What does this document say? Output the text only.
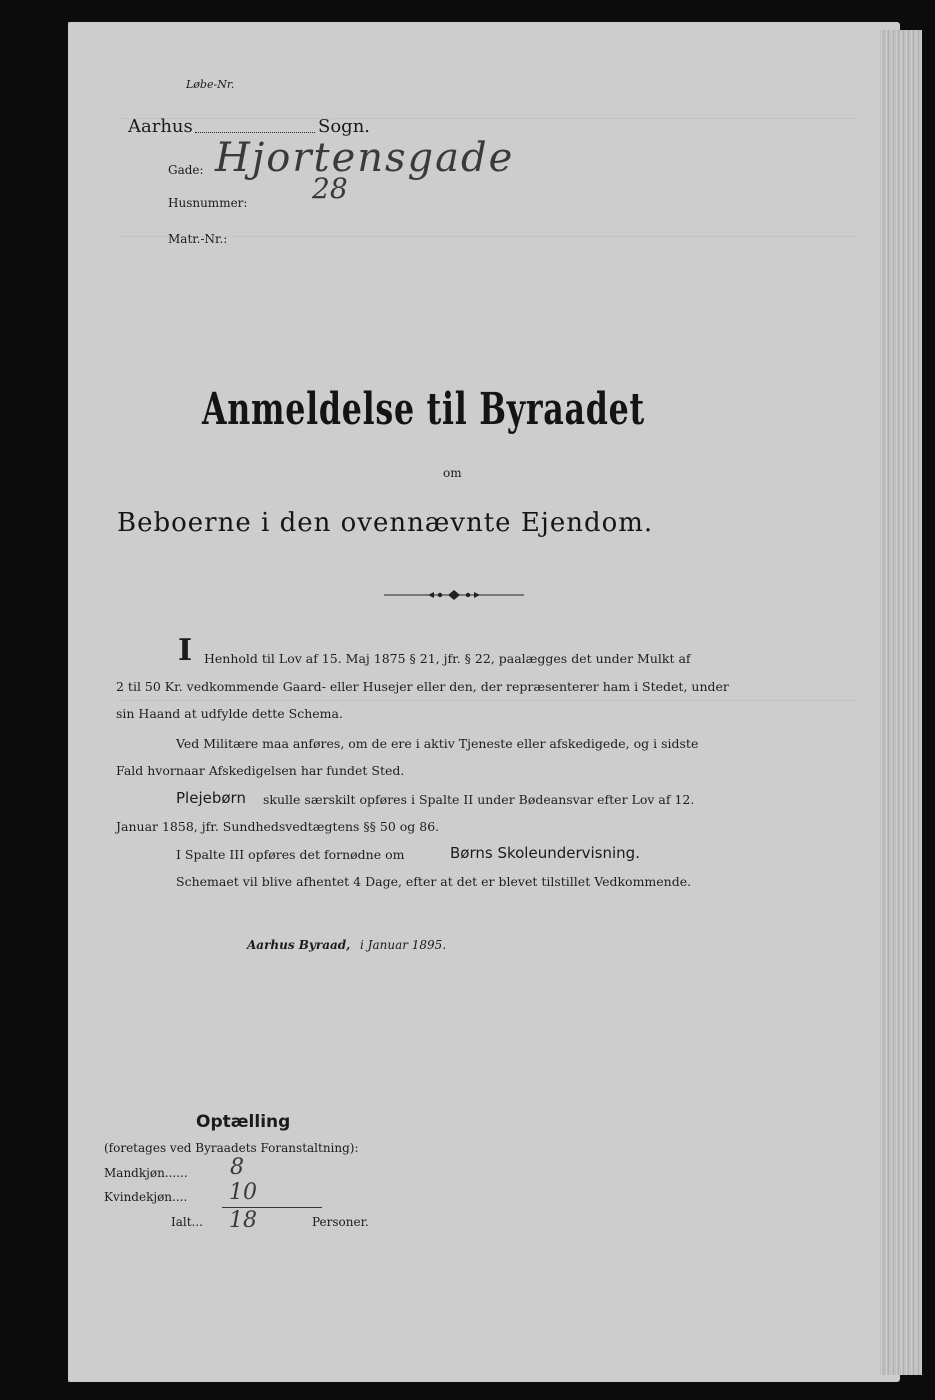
Løbe-Nr.
Aarhus	Sogn.
Gade: Hjortensgade
Husnummer: 28
Matr.-Nr.:
Anmeldelse til Byraadet
om
Beboerne i den ovennævnte Ejendom.
I Henhold til Lov af 15. Maj 1875 § 21, jfr. § 22, paalægges det under Mulkt af
2 til 50 Kr. vedkommende Gaard- eller Husejer eller den, der repræsenterer ham i Stedet, under
sin Haand at udfylde dette Schema.
Ved Militære maa anføres, om de ere i aktiv Tjeneste eller afskedigede, og i sidste
Fald hvornaar Afskedigelsen har fundet Sted.
Plejebørn skulle særskilt opføres i Spalte II under Bødeansvar efter Lov af 12.
Januar 1858, jfr. Sundhedsvedtægtens §§ 50 og 86.
I Spalte III opføres det fornødne om	Børns Skoleundervisning.
Schemaet vil blive afhentet 4 Dage, efter at det er blevet tilstillet Vedkommende.
Aarhus Byraad, i Januar 1895.
Optælling
(foretages ved Byraadets Foranstaltning):
Mandkjøn...... 8
Kvindekjøn.... 10
Ialt... 18	Personer.
